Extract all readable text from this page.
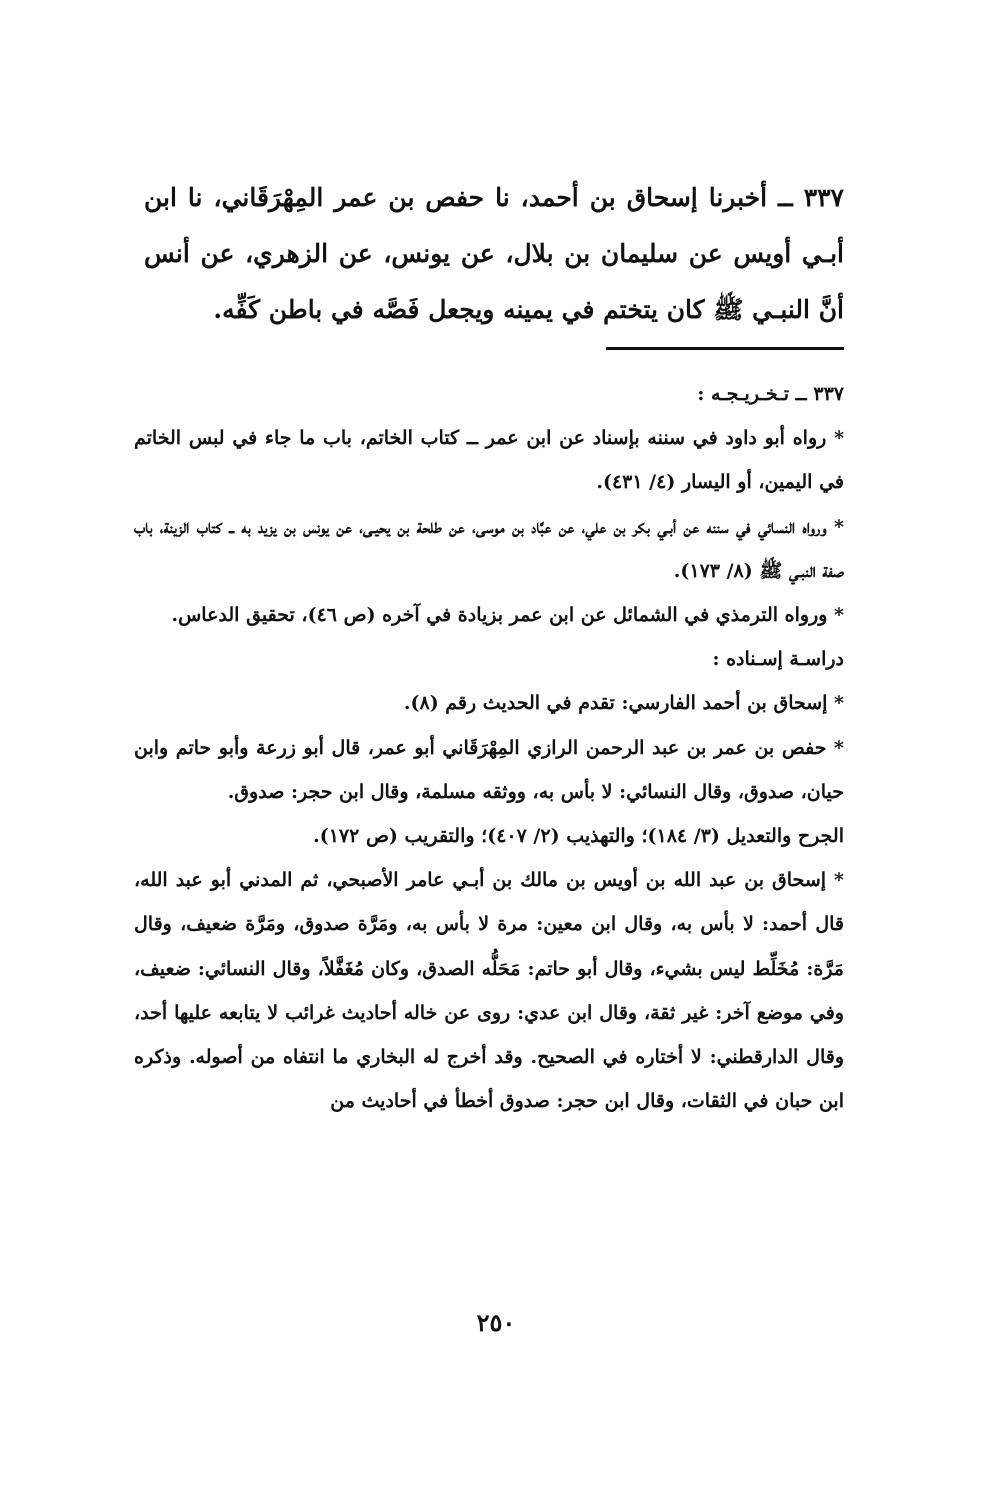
٣٣٧ ــ أخبرنا إسحاق بن أحمد، نا حفص بن عمر المِهْرَقَاني، نا ابن أبـي أويس عن سليمان بن بلال، عن يونس، عن الزهري، عن أنس أنَّ النبـي ﷺ كان يتختم في يمينه ويجعل فَصَّه في باطن كَفِّه.

٣٣٧ ــ تـخـريـجـه :

* رواه أبو داود في سننه بإسناد عن ابن عمر ــ كتاب الخاتم، باب ما جاء في لبس الخاتم في اليمين، أو اليسار (٤/ ٤٣١).

* ورواه النسائي في سننه عن أبـي بكر بن علي، عن عبَّاد بن موسى، عن طلحة بن يحيـى، عن يونس بن يزيد به ــ كتاب الزينة، باب صفة النبـي ﷺ (٨/ ١٧٣).

* ورواه الترمذي في الشمائل عن ابن عمر بزيادة في آخره (ص ٤٦)، تحقيق الدعاس.

دراسـة إسـناده :

* إسحاق بن أحمد الفارسي: تقدم في الحديث رقم (٨).

* حفص بن عمر بن عبد الرحمن الرازي المِهْرَقَاني أبو عمر، قال أبو زرعة وأبو حاتم وابن حيان، صدوق، وقال النسائي: لا بأس به، ووثقه مسلمة، وقال ابن حجر: صدوق.

الجرح والتعديل (٣/ ١٨٤)؛ والتهذيب (٢/ ٤٠٧)؛ والتقريب (ص ١٧٢).

* إسحاق بن عبد الله بن أويس بن مالك بن أبـي عامر الأصبحي، ثم المدني أبو عبد الله، قال أحمد: لا بأس به، وقال ابن معين: مرة لا بأس به، ومَرَّة صدوق، ومَرَّة ضعيف، وقال مَرَّة: مُخَلِّط ليس بشيء، وقال أبو حاتم: مَحَلُّه الصدق، وكان مُغَفَّلاً، وقال النسائي: ضعيف، وفي موضع آخر: غير ثقة، وقال ابن عدي: روى عن خاله أحاديث غرائب لا يتابعه عليها أحد، وقال الدارقطني: لا أختاره في الصحيح. وقد أخرج له البخاري ما انتفاه من أصوله. وذكره ابن حبان في الثقات، وقال ابن حجر: صدوق أخطأ في أحاديث من

٢٥٠
